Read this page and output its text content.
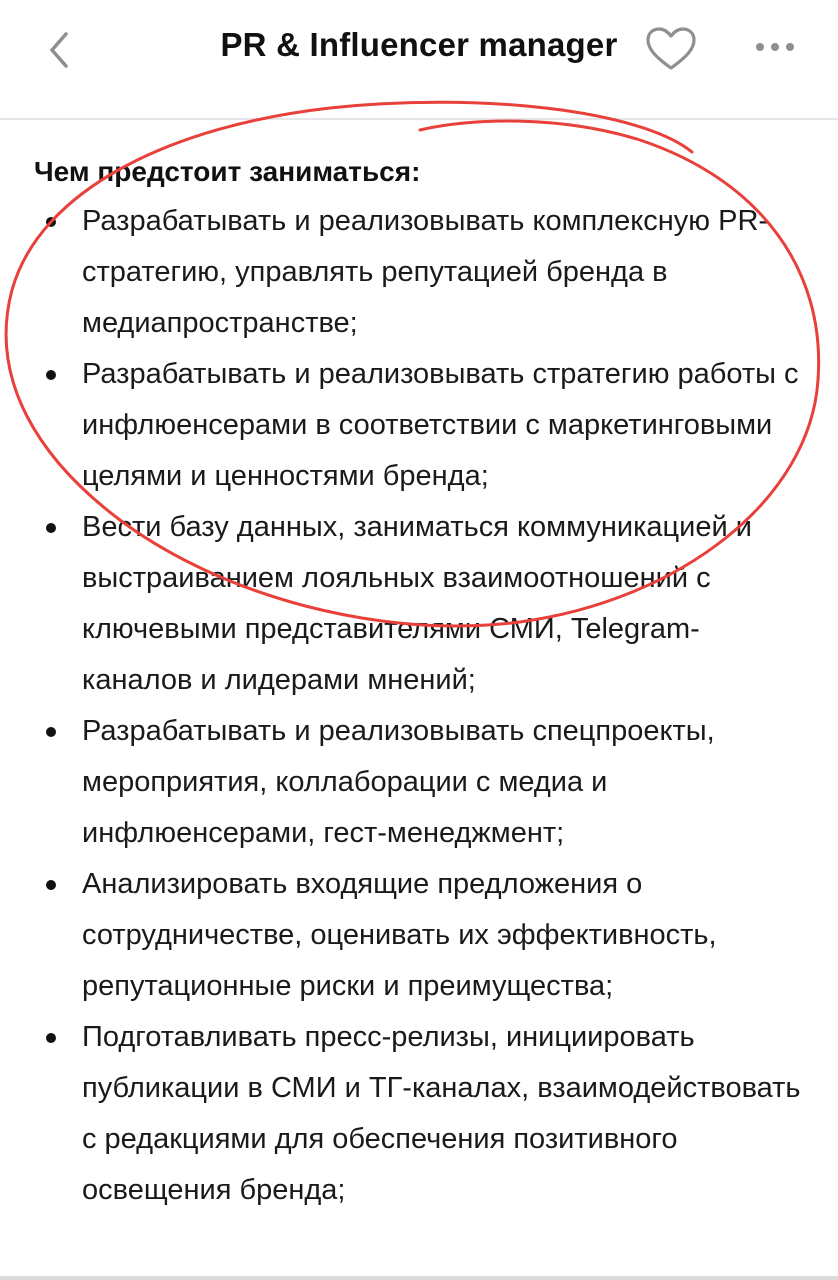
PR & Influencer manager
Чем предстоит заниматься:
Разрабатывать и реализовывать комплексную PR-стратегию, управлять репутацией бренда в медиапространстве;
Разрабатывать и реализовывать стратегию работы с инфлюенсерами в соответствии с маркетинговыми целями и ценностями бренда;
Вести базу данных, заниматься коммуникацией и выстраиванием лояльных взаимоотношений с ключевыми представителями СМИ, Telegram-каналов и лидерами мнений;
Разрабатывать и реализовывать спецпроекты, мероприятия, коллаборации с медиа и инфлюенсерами, гест-менеджмент;
Анализировать входящие предложения о сотрудничестве, оценивать их эффективность, репутационные риски и преимущества;
Подготавливать пресс-релизы, инициировать публикации в СМИ и ТГ-каналах, взаимодействовать с редакциями для обеспечения позитивного освещения бренда;
